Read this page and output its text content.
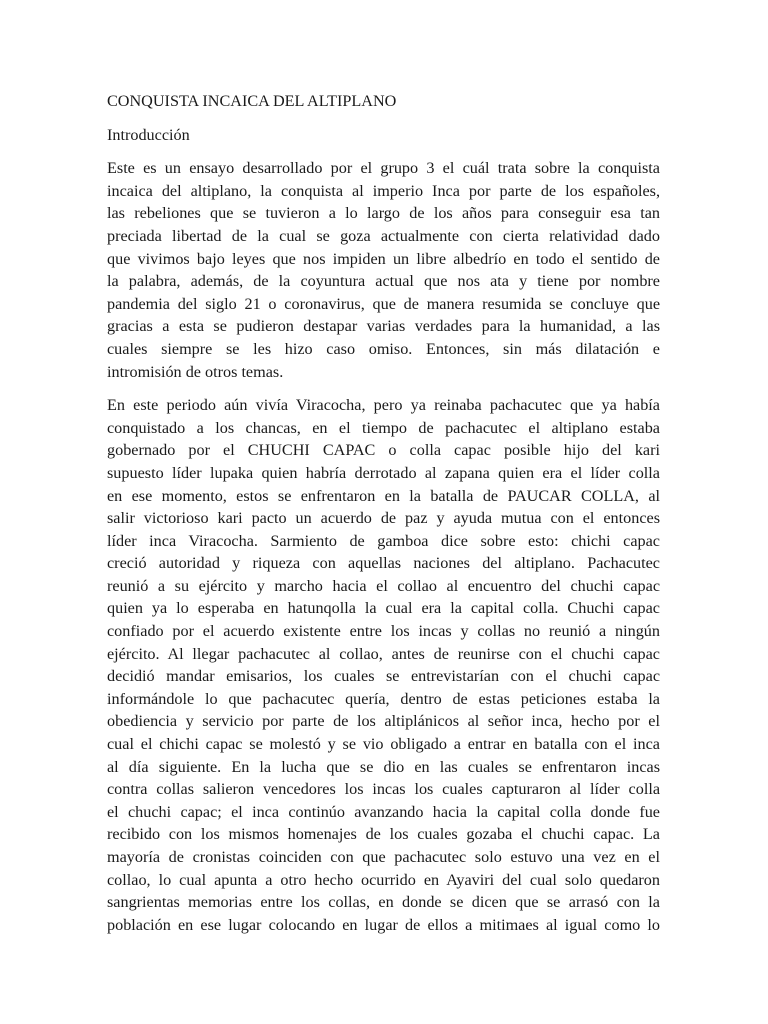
CONQUISTA INCAICA DEL ALTIPLANO
Introducción
Este es un ensayo desarrollado por el grupo 3 el cuál trata sobre la conquista
incaica del altiplano, la conquista al imperio Inca por parte de los españoles,
las rebeliones que se tuvieron a lo largo de los años para conseguir esa tan
preciada libertad de la cual se goza actualmente con cierta relatividad dado
que vivimos bajo leyes que nos impiden un libre albedrío en todo el sentido de
la palabra, además, de la coyuntura actual que nos ata y tiene por nombre
pandemia del siglo 21 o coronavirus, que de manera resumida se concluye que
gracias a esta se pudieron destapar varias verdades para la humanidad, a las
cuales siempre se les hizo caso omiso. Entonces, sin más dilatación e
intromisión de otros temas.
En este periodo aún vivía Viracocha, pero ya reinaba pachacutec que ya había
conquistado a los chancas, en el tiempo de pachacutec el altiplano estaba
gobernado por el CHUCHI CAPAC o colla capac posible hijo del kari
supuesto líder lupaka quien habría derrotado al zapana quien era el líder colla
en ese momento, estos se enfrentaron en la batalla de PAUCAR COLLA, al
salir victorioso kari pacto un acuerdo de paz y ayuda mutua con el entonces
líder inca Viracocha. Sarmiento de gamboa dice sobre esto: chichi capac
creció autoridad y riqueza con aquellas naciones del altiplano. Pachacutec
reunió a su ejército y marcho hacia el collao al encuentro del chuchi capac
quien ya lo esperaba en hatunqolla la cual era la capital colla. Chuchi capac
confiado por el acuerdo existente entre los incas y collas no reunió a ningún
ejército. Al llegar pachacutec al collao, antes de reunirse con el chuchi capac
decidió mandar emisarios, los cuales se entrevistarían con el chuchi capac
informándole lo que pachacutec quería, dentro de estas peticiones estaba la
obediencia y servicio por parte de los altiplánicos al señor inca, hecho por el
cual el chichi capac se molestó y se vio obligado a entrar en batalla con el inca
al día siguiente. En la lucha que se dio en las cuales se enfrentaron incas
contra collas salieron vencedores los incas los cuales capturaron al líder colla
el chuchi capac; el inca continúo avanzando hacia la capital colla donde fue
recibido con los mismos homenajes de los cuales gozaba el chuchi capac. La
mayoría de cronistas coinciden con que pachacutec solo estuvo una vez en el
collao, lo cual apunta a otro hecho ocurrido en Ayaviri del cual solo quedaron
sangrientas memorias entre los collas, en donde se dicen que se arrasó con la
población en ese lugar colocando en lugar de ellos a mitimaes al igual como lo
